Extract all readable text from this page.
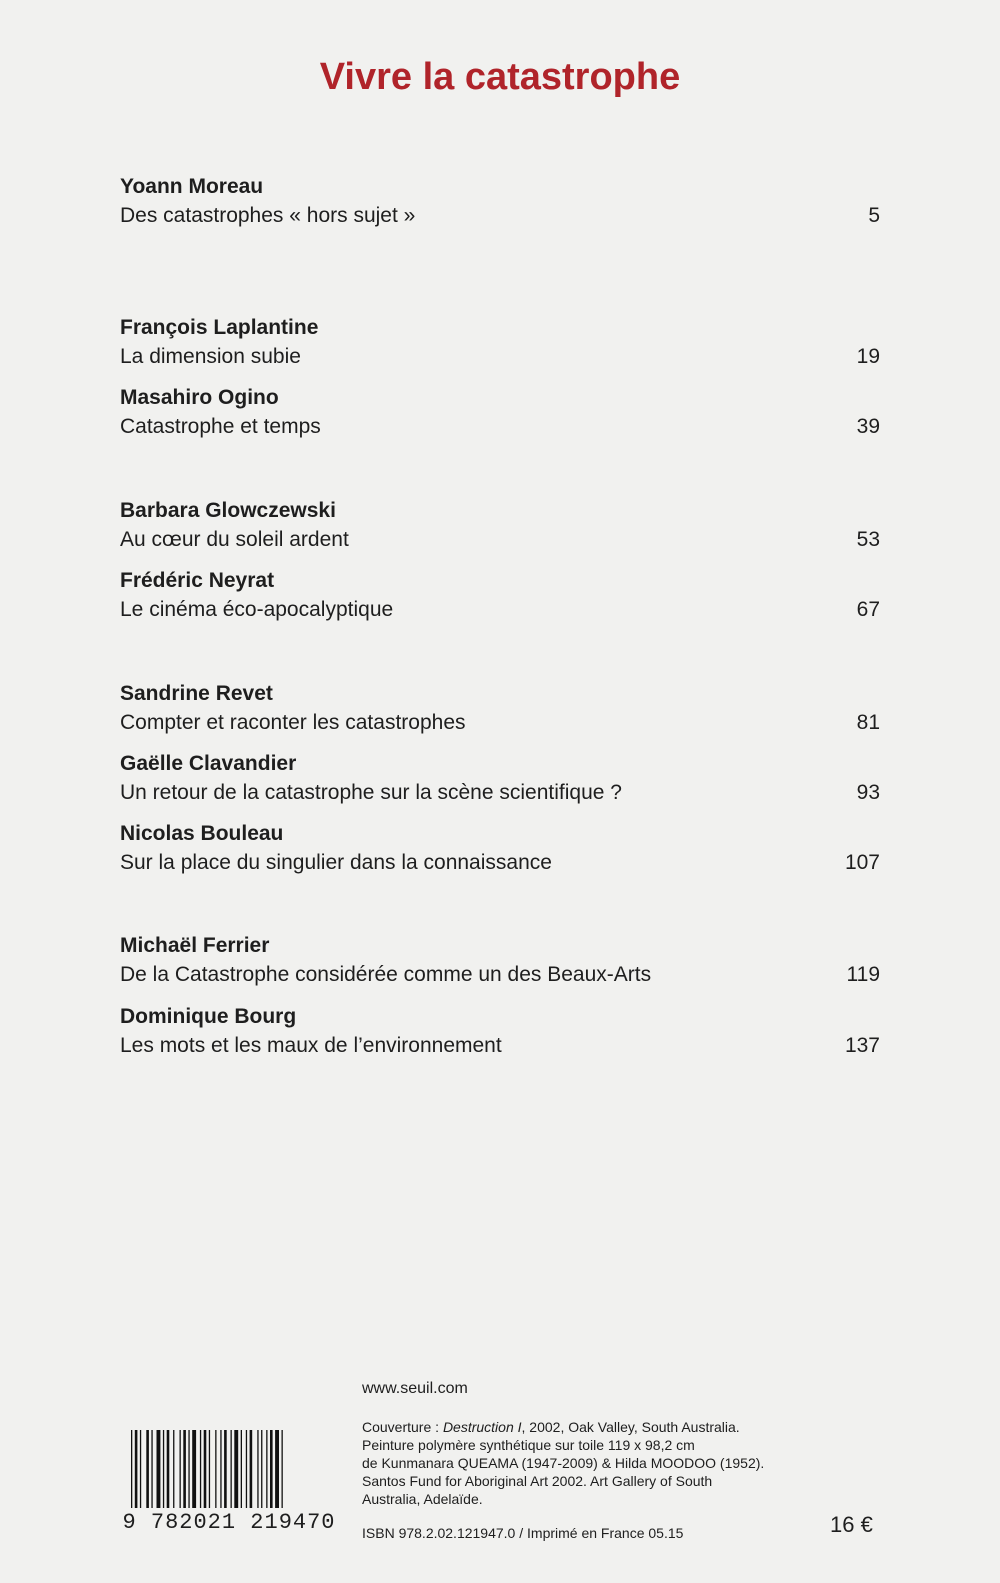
Vivre la catastrophe
Yoann Moreau
Des catastrophes « hors sujet »	5
François Laplantine
La dimension subie	19
Masahiro Ogino
Catastrophe et temps	39
Barbara Glowczewski
Au cœur du soleil ardent	53
Frédéric Neyrat
Le cinéma éco-apocalyptique	67
Sandrine Revet
Compter et raconter les catastrophes	81
Gaëlle Clavandier
Un retour de la catastrophe sur la scène scientifique ?	93
Nicolas Bouleau
Sur la place du singulier dans la connaissance	107
Michaël Ferrier
De la Catastrophe considérée comme un des Beaux-Arts	119
Dominique Bourg
Les mots et les maux de l’environnement	137
www.seuil.com
Couverture : Destruction I, 2002, Oak Valley, South Australia.
Peinture polymère synthétique sur toile 119 x 98,2 cm
de Kunmanara QUEAMA (1947-2009) & Hilda MOODOO (1952).
Santos Fund for Aboriginal Art 2002. Art Gallery of South
Australia, Adelaïde.
9 782021 219470	ISBN 978.2.02.121947.0 / Imprimé en France 05.15	16 €
